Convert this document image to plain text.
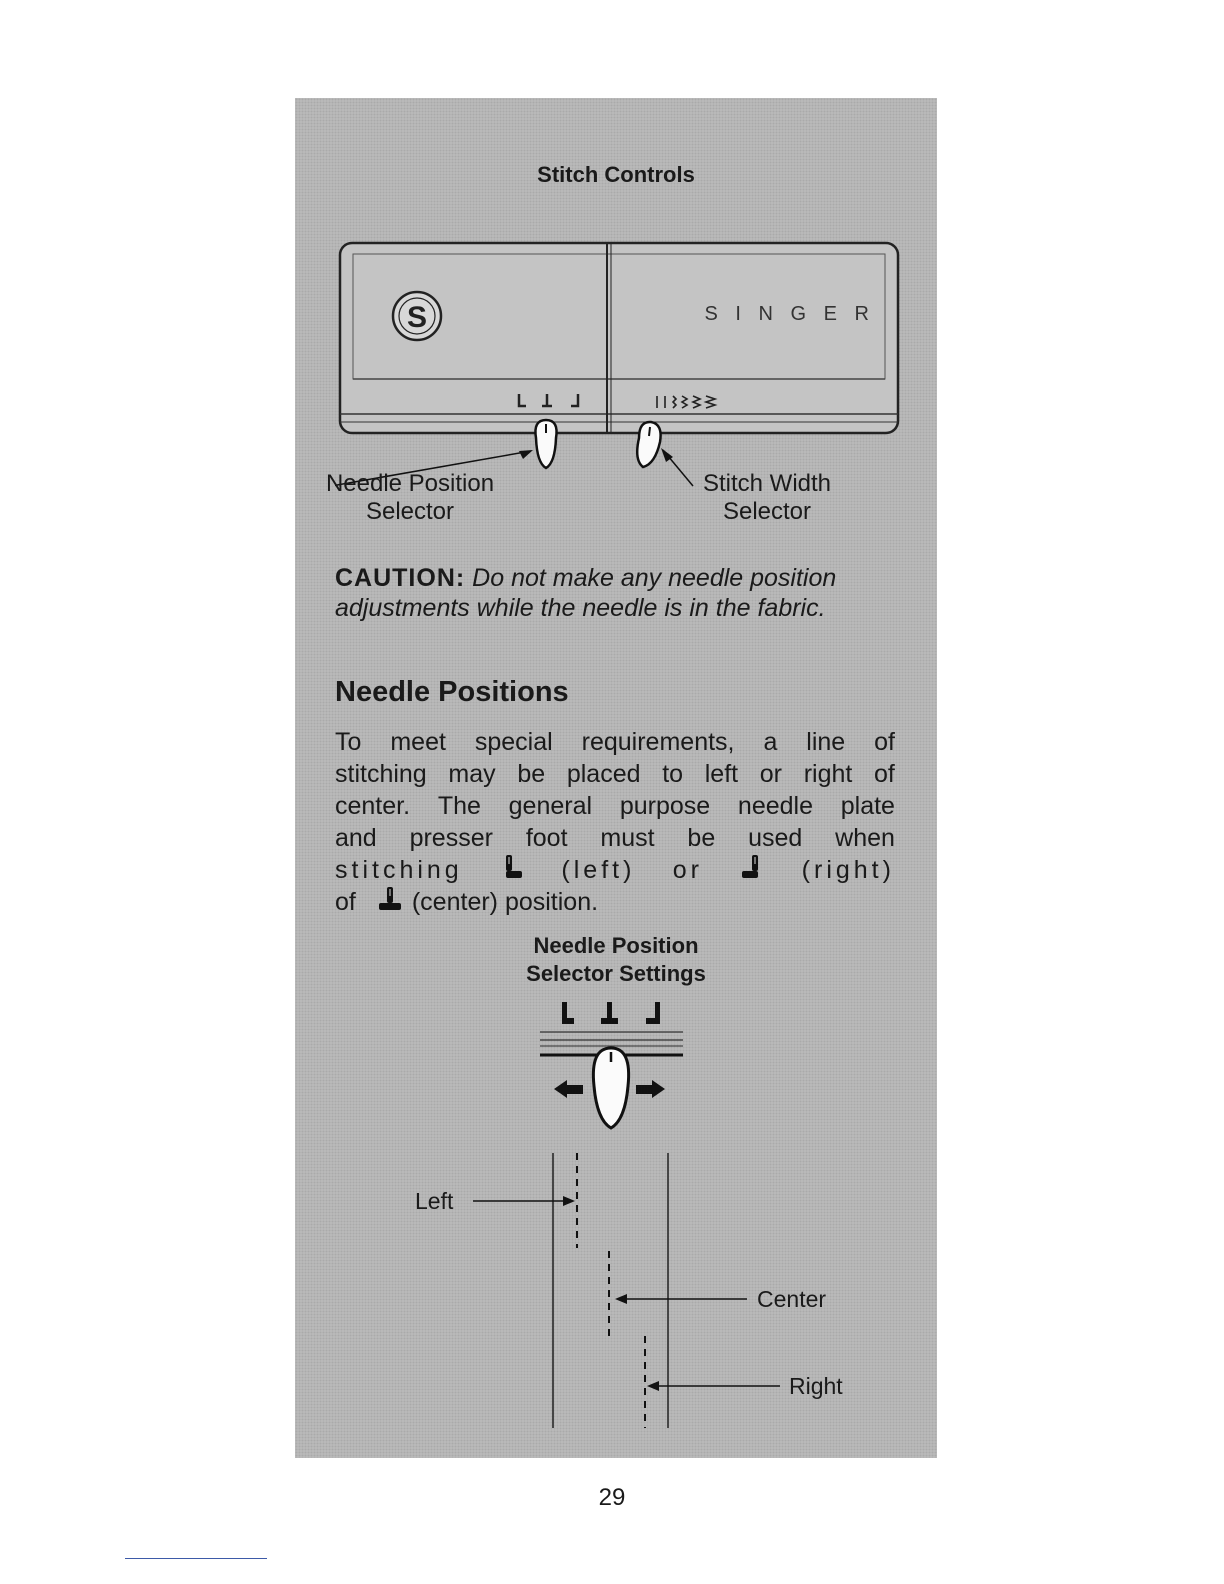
Stitch Controls
S	S I N G E R
Needle Position
Selector
Stitch Width
Selector
CAUTION: Do not make any needle position adjustments while the needle is in the fabric.
Needle Positions
To meet special requirements, a line of
stitching may be placed to left or right of
center. The general purpose needle plate
and presser foot must be used when
stitching	(left) or	(right)
of (center) position.
Needle Position
Selector Settings
Left
Center
Right
29
